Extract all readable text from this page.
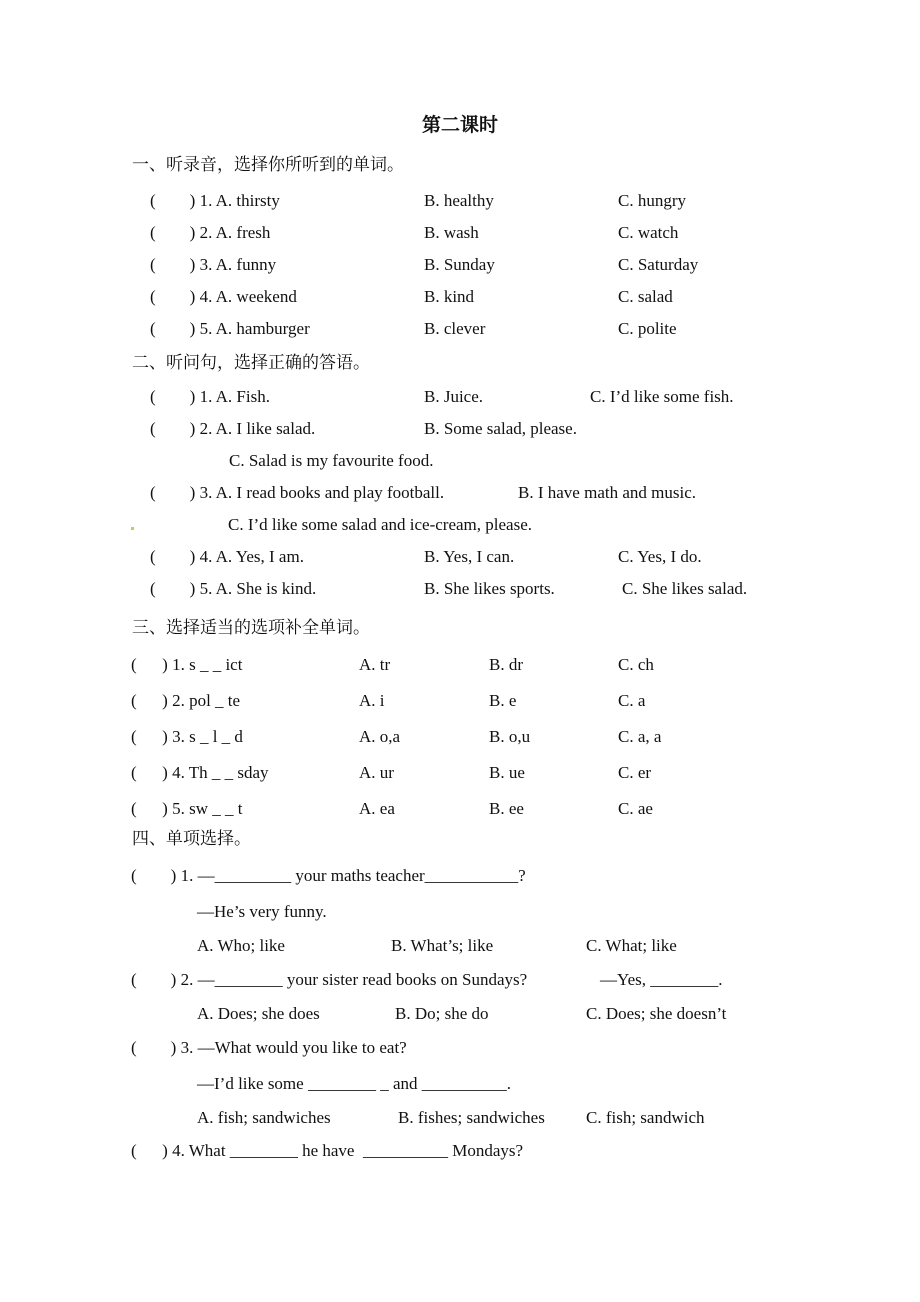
第二课时
一、听录音，选择你所听到的单词。
(        ) 1. A. thirsty	B. healthy	C. hungry
(        ) 2. A. fresh	B. wash	C. watch
(        ) 3. A. funny	B. Sunday	C. Saturday
(        ) 4. A. weekend	B. kind	C. salad
(        ) 5. A. hamburger	B. clever	C. polite
二、听问句，选择正确的答语。
(        ) 1. A. Fish.	B. Juice.	C. I’d like some fish.
(        ) 2. A. I like salad.	B. Some salad, please.
C. Salad is my favourite food.
(        ) 3. A. I read books and play football.	B. I have math and music.
C. I’d like some salad and ice-cream, please.
(        ) 4. A. Yes, I am.	B. Yes, I can.	C. Yes, I do.
(        ) 5. A. She is kind.	B. She likes sports.	C. She likes salad.
三、选择适当的选项补全单词。
(      ) 1. s _ _ ict	A. tr	B. dr	C. ch
(      ) 2. pol _ te	A. i	B. e	C. a
(      ) 3. s _ l _ d	A. o,a	B. o,u	C. a, a
(      ) 4. Th _ _ sday	A. ur	B. ue	C. er
(      ) 5. sw _ _ t	A. ea	B. ee	C. ae
四、单项选择。
(        ) 1. —_________ your maths teacher___________?
—He’s very funny.
A. Who; like	B. What’s; like	C. What; like
(        ) 2. —________ your sister read books on Sundays?	—Yes, ________.
A. Does; she does	B. Do; she do	C. Does; she doesn’t
(        ) 3. —What would you like to eat?
—I’d like some ________ _ and __________.
A. fish; sandwiches	B. fishes; sandwiches C. fish; sandwich
(      ) 4. What ________ he have  __________ Mondays?
